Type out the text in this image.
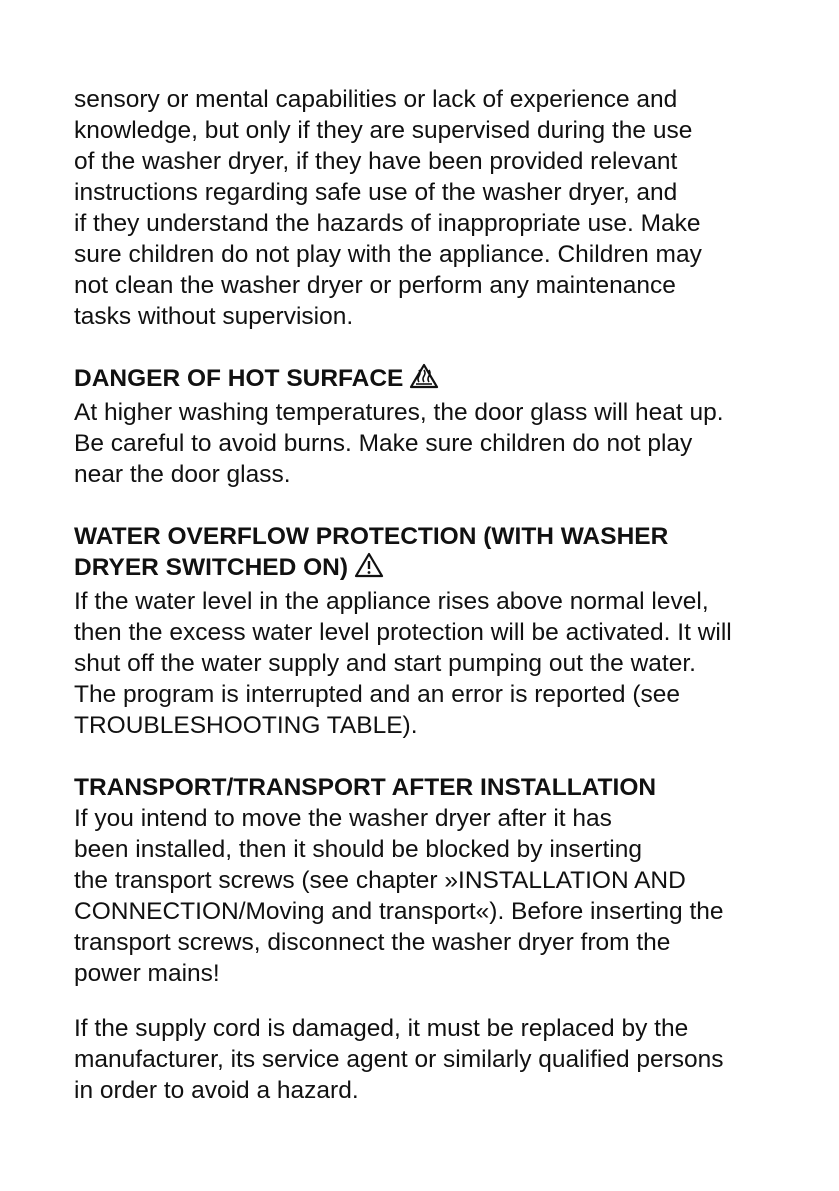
sensory or mental capabilities or lack of experience and
knowledge, but only if they are supervised during the use
of the washer dryer, if they have been provided relevant
instructions regarding safe use of the washer dryer, and
if they understand the hazards of inappropriate use. Make
sure children do not play with the appliance. Children may
not clean the washer dryer or perform any maintenance
tasks without supervision.
DANGER OF HOT SURFACE
At higher washing temperatures, the door glass will heat up.
Be careful to avoid burns. Make sure children do not play
near the door glass.
WATER OVERFLOW PROTECTION (WITH WASHER
DRYER SWITCHED ON)
If the water level in the appliance rises above normal level,
then the excess water level protection will be activated. It will
shut off the water supply and start pumping out the water.
The program is interrupted and an error is reported (see
TROUBLESHOOTING TABLE).
TRANSPORT/TRANSPORT AFTER INSTALLATION
If you intend to move the washer dryer after it has
been installed, then it should be blocked by inserting
the transport screws (see chapter »INSTALLATION AND
CONNECTION/Moving and transport«). Before inserting the
transport screws, disconnect the washer dryer from the
power mains!
If the supply cord is damaged, it must be replaced by the
manufacturer, its service agent or similarly qualified persons
in order to avoid a hazard.
